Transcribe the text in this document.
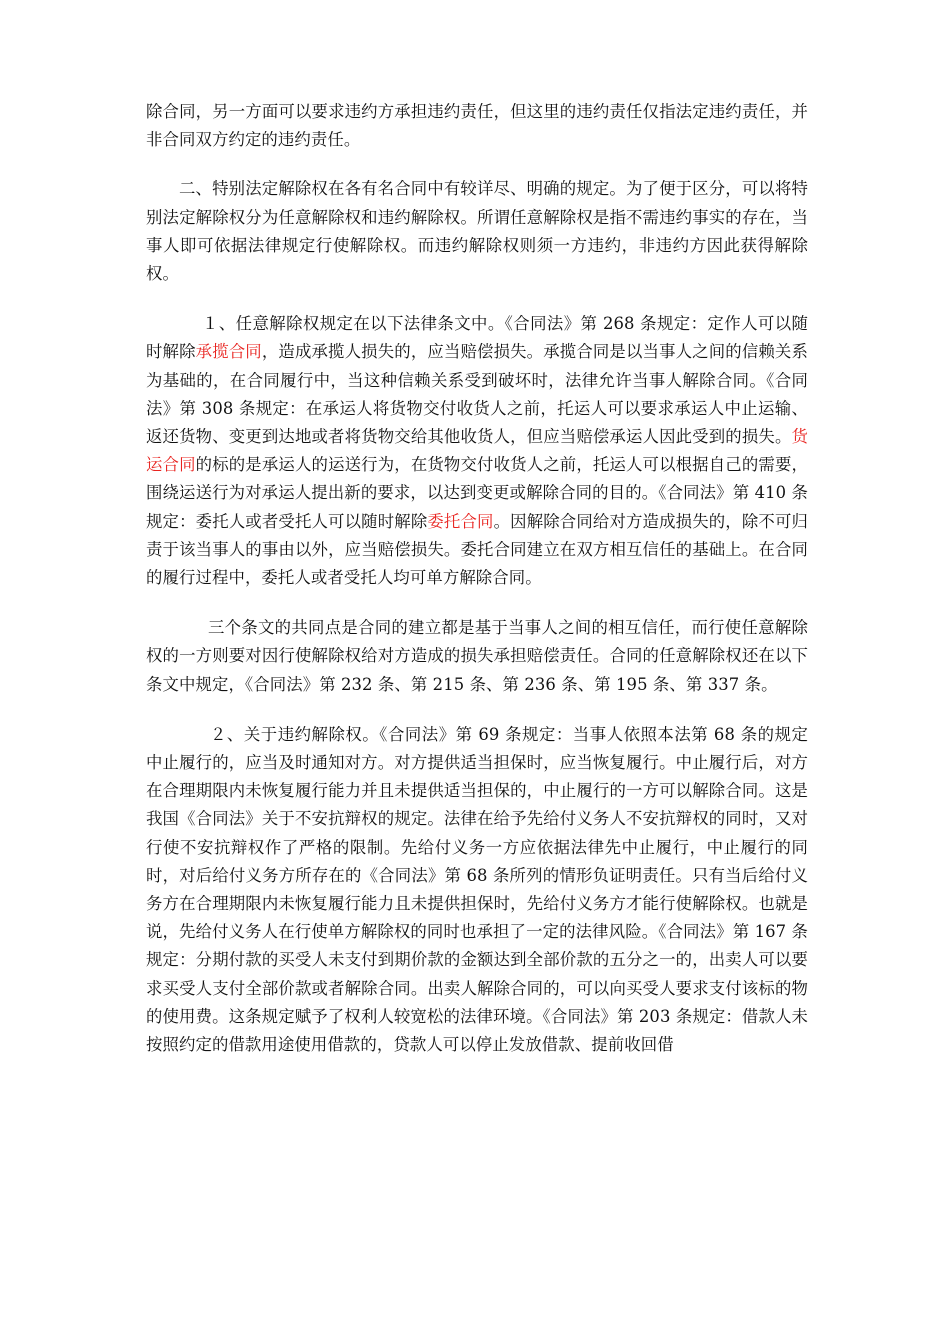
除合同，另一方面可以要求违约方承担违约责任，但这里的违约责任仅指法定违约责任，并非合同双方约定的违约责任。

二、特别法定解除权在各有名合同中有较详尽、明确的规定。为了便于区分，可以将特别法定解除权分为任意解除权和违约解除权。所谓任意解除权是指不需违约事实的存在，当事人即可依据法律规定行使解除权。而违约解除权则须一方违约，非违约方因此获得解除权。

１、任意解除权规定在以下法律条文中。《合同法》第 268 条规定：定作人可以随时解除承揽合同，造成承揽人损失的，应当赔偿损失。承揽合同是以当事人之间的信赖关系为基础的，在合同履行中，当这种信赖关系受到破坏时，法律允许当事人解除合同。《合同法》第 308 条规定：在承运人将货物交付收货人之前，托运人可以要求承运人中止运输、返还货物、变更到达地或者将货物交给其他收货人，但应当赔偿承运人因此受到的损失。货运合同的标的是承运人的运送行为，在货物交付收货人之前，托运人可以根据自己的需要，围绕运送行为对承运人提出新的要求，以达到变更或解除合同的目的。《合同法》第 410 条规定：委托人或者受托人可以随时解除委托合同。因解除合同给对方造成损失的，除不可归责于该当事人的事由以外，应当赔偿损失。委托合同建立在双方相互信任的基础上。在合同的履行过程中，委托人或者受托人均可单方解除合同。

三个条文的共同点是合同的建立都是基于当事人之间的相互信任，而行使任意解除权的一方则要对因行使解除权给对方造成的损失承担赔偿责任。合同的任意解除权还在以下条文中规定，《合同法》第 232 条、第 215 条、第 236 条、第 195 条、第 337 条。

２、关于违约解除权。《合同法》第 69 条规定：当事人依照本法第 68 条的规定中止履行的，应当及时通知对方。对方提供适当担保时，应当恢复履行。中止履行后，对方在合理期限内未恢复履行能力并且未提供适当担保的，中止履行的一方可以解除合同。这是我国《合同法》关于不安抗辩权的规定。法律在给予先给付义务人不安抗辩权的同时，又对行使不安抗辩权作了严格的限制。先给付义务一方应依据法律先中止履行，中止履行的同时，对后给付义务方所存在的《合同法》第 68 条所列的情形负证明责任。只有当后给付义务方在合理期限内未恢复履行能力且未提供担保时，先给付义务方才能行使解除权。也就是说，先给付义务人在行使单方解除权的同时也承担了一定的法律风险。《合同法》第 167 条规定：分期付款的买受人未支付到期价款的金额达到全部价款的五分之一的，出卖人可以要求买受人支付全部价款或者解除合同。出卖人解除合同的，可以向买受人要求支付该标的物的使用费。这条规定赋予了权利人较宽松的法律环境。《合同法》第 203 条规定：借款人未按照约定的借款用途使用借款的，贷款人可以停止发放借款、提前收回借
